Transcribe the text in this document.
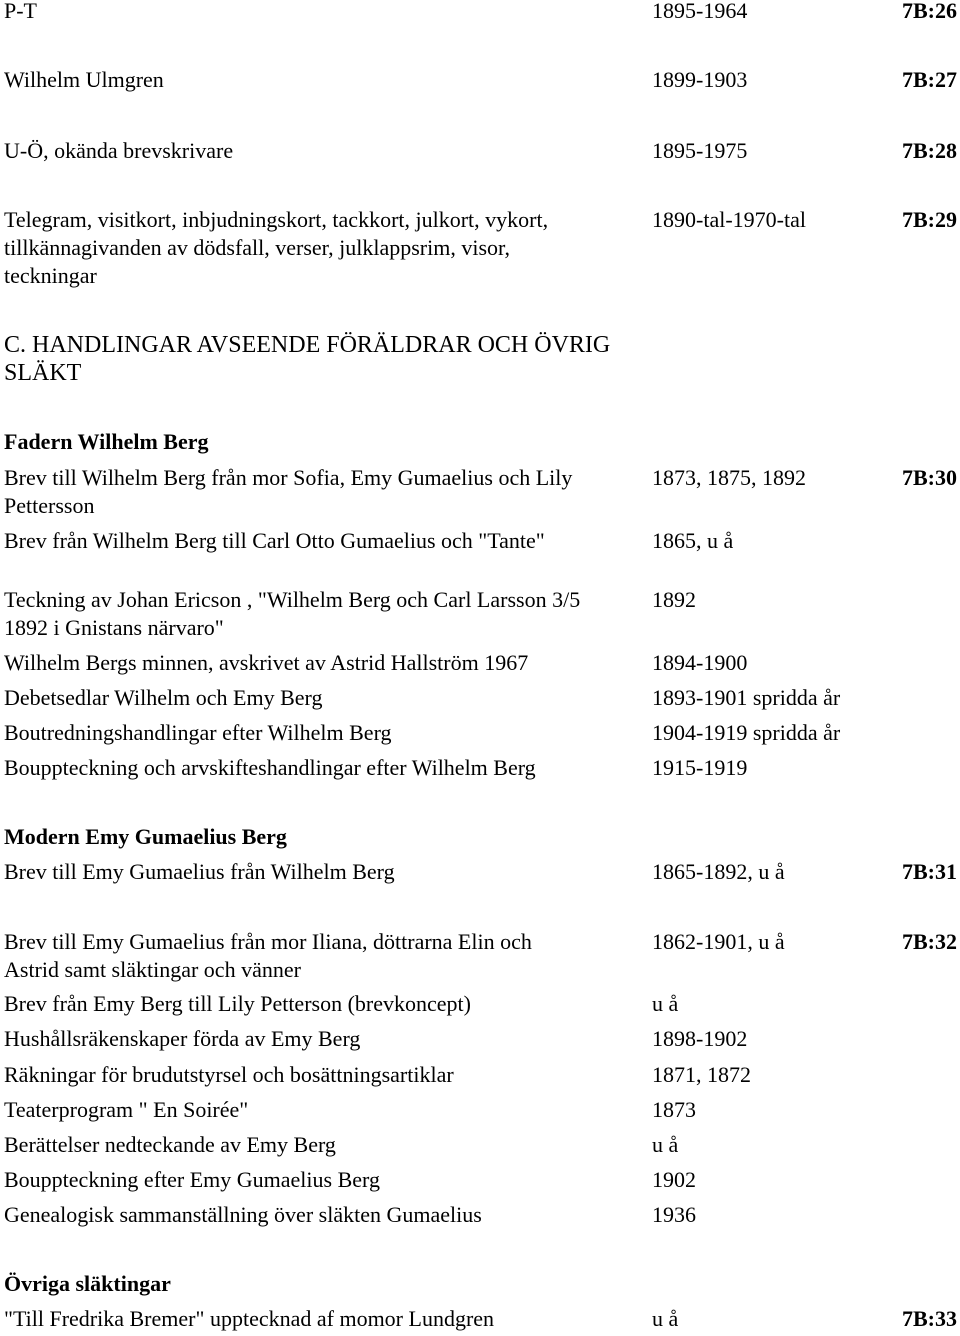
P-T	1895-1964	7B:26
Wilhelm Ulmgren	1899-1903	7B:27
U-Ö, okända brevskrivare	1895-1975	7B:28
Telegram, visitkort, inbjudningskort, tackkort, julkort, vykort,
tillkännagivanden av dödsfall, verser, julklappsrim, visor,
teckningar
1890-tal-1970-tal	7B:29
C. HANDLINGAR AVSEENDE FÖRÄLDRAR OCH ÖVRIG
SLÄKT
Fadern Wilhelm Berg
Brev till Wilhelm Berg från mor Sofia, Emy Gumaelius och Lily
Pettersson
1873, 1875, 1892	7B:30
Brev från Wilhelm Berg till Carl Otto Gumaelius och "Tante"	1865, u å
Teckning av Johan Ericson , "Wilhelm Berg och Carl Larsson 3/5
1892 i Gnistans närvaro"
1892
Wilhelm Bergs minnen, avskrivet av Astrid Hallström 1967	1894-1900
Debetsedlar Wilhelm och Emy Berg	1893-1901 spridda år
Boutredningshandlingar efter Wilhelm Berg	1904-1919 spridda år
Bouppteckning och arvskifteshandlingar efter Wilhelm Berg	1915-1919
Modern Emy Gumaelius Berg
Brev till Emy Gumaelius från Wilhelm Berg	1865-1892, u å	7B:31
Brev till Emy Gumaelius från mor Iliana, döttrarna Elin och
Astrid samt släktingar och vänner
1862-1901, u å	7B:32
Brev från Emy Berg till Lily Petterson (brevkoncept)	u å
Hushållsräkenskaper förda av Emy Berg	1898-1902
Räkningar för brudutstyrsel och bosättningsartiklar	1871, 1872
Teaterprogram " En Soirée"	1873
Berättelser nedteckande av Emy Berg	u å
Bouppteckning efter Emy Gumaelius Berg	1902
Genealogisk sammanställning över släkten Gumaelius	1936
Övriga släktingar
"Till Fredrika Bremer" upptecknad af momor Lundgren	u å	7B:33
